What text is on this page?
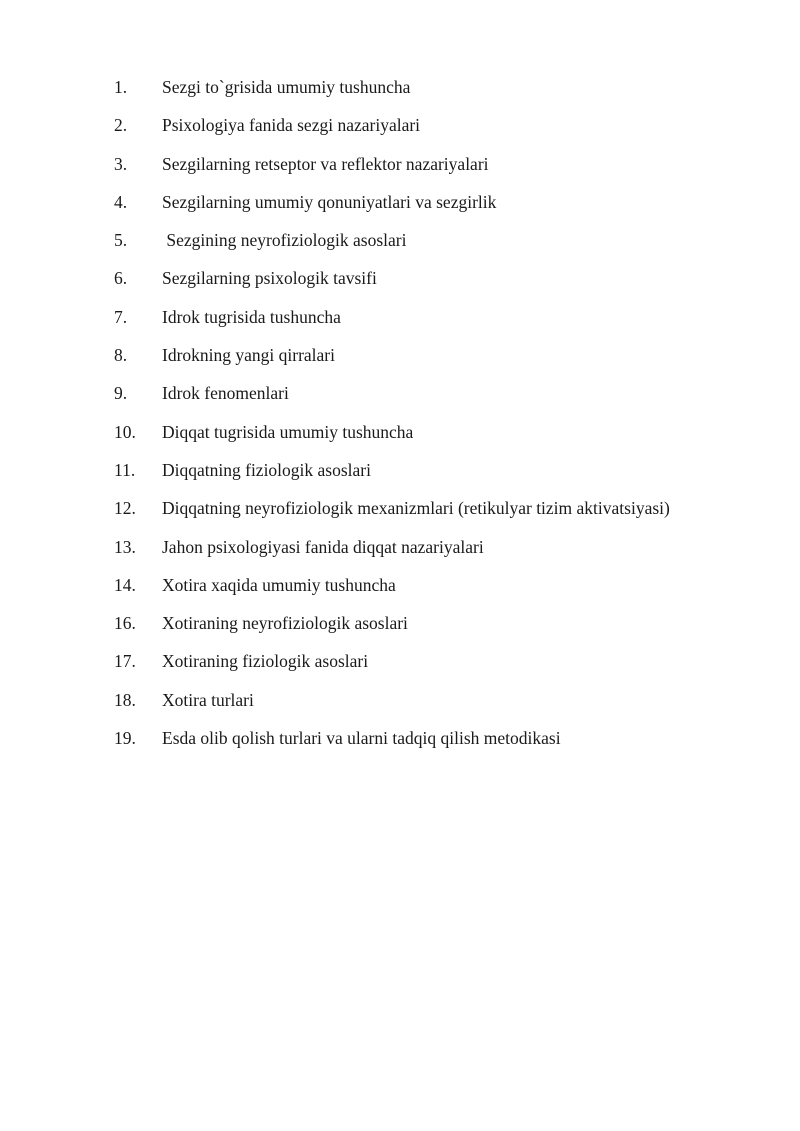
1.	Sezgi to`grisida umumiy tushuncha
2.	Psixologiya fanida sezgi nazariyalari
3.	Sezgilarning retseptor va reflektor nazariyalari
4.	Sezgilarning umumiy qonuniyatlari va sezgirlik
5.	Sezgining neyrofiziologik asoslari
6.	Sezgilarning psixologik tavsifi
7.	Idrok tugrisida tushuncha
8.	Idrokning yangi qirralari
9.	Idrok fenomenlari
10.	Diqqat tugrisida umumiy tushuncha
11.	Diqqatning fiziologik asoslari
12.	Diqqatning neyrofiziologik mexanizmlari (retikulyar tizim aktivatsiyasi)
13.	Jahon psixologiyasi fanida diqqat nazariyalari
14.	Xotira xaqida umumiy tushuncha
16.	Xotiraning neyrofiziologik asoslari
17.	Xotiraning fiziologik asoslari
18.	Xotira turlari
19.	Esda olib qolish turlari va ularni tadqiq qilish metodikasi
